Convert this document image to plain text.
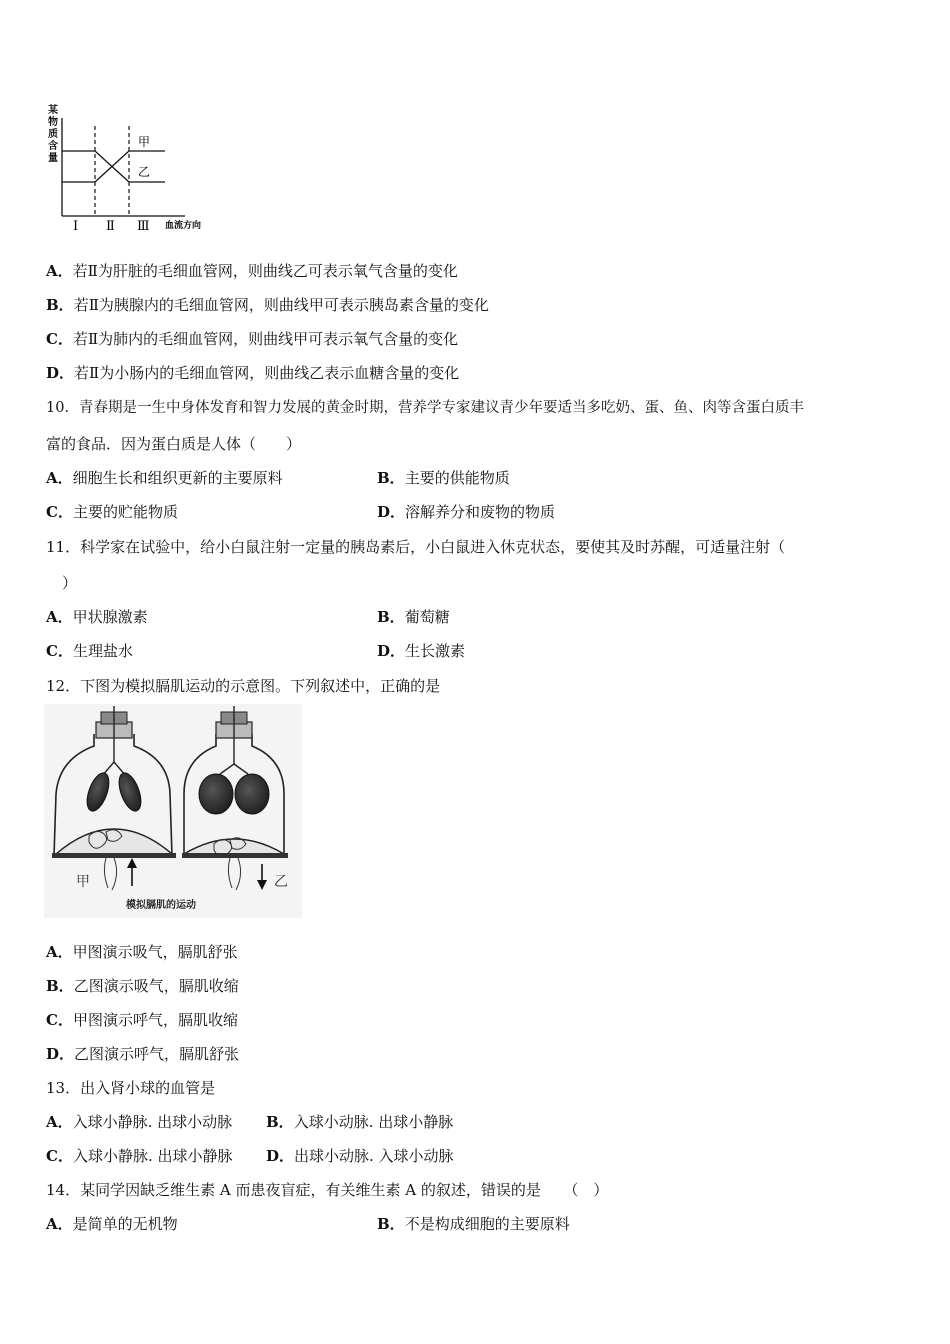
某
物
质
含
量
甲
乙
Ⅰ Ⅱ Ⅲ 血流方向
A．若Ⅱ为肝脏的毛细血管网，则曲线乙可表示氧气含量的变化
B．若Ⅱ为胰腺内的毛细血管网，则曲线甲可表示胰岛素含量的变化
C．若Ⅱ为肺内的毛细血管网，则曲线甲可表示氧气含量的变化
D．若Ⅱ为小肠内的毛细血管网，则曲线乙表示血糖含量的变化
10．青春期是一生中身体发育和智力发展的黄金时期，营养学专家建议青少年要适当多吃奶、蛋、鱼、肉等含蛋白质丰
富的食品．因为蛋白质是人体（　　）
A．细胞生长和组织更新的主要原料	B．主要的供能物质
C．主要的贮能物质	D．溶解养分和废物的物质
11．科学家在试验中，给小白鼠注射一定量的胰岛素后，小白鼠进入休克状态，要使其及时苏醒，可适量注射（
）
A．甲状腺激素	B．葡萄糖
C．生理盐水	D．生长激素
12．下图为模拟膈肌运动的示意图。下列叙述中，正确的是
甲	乙
模拟膈肌的运动
A．甲图演示吸气，膈肌舒张
B．乙图演示吸气，膈肌收缩
C．甲图演示呼气，膈肌收缩
D．乙图演示呼气，膈肌舒张
13．出入肾小球的血管是
A．入球小静脉. 出球小动脉 B．入球小动脉. 出球小静脉
C．入球小静脉. 出球小静脉 D．出球小动脉. 入球小动脉
14．某同学因缺乏维生素 A 而患夜盲症，有关维生素 A 的叙述，错误的是　　（　）
A．是简单的无机物	B．不是构成细胞的主要原料
